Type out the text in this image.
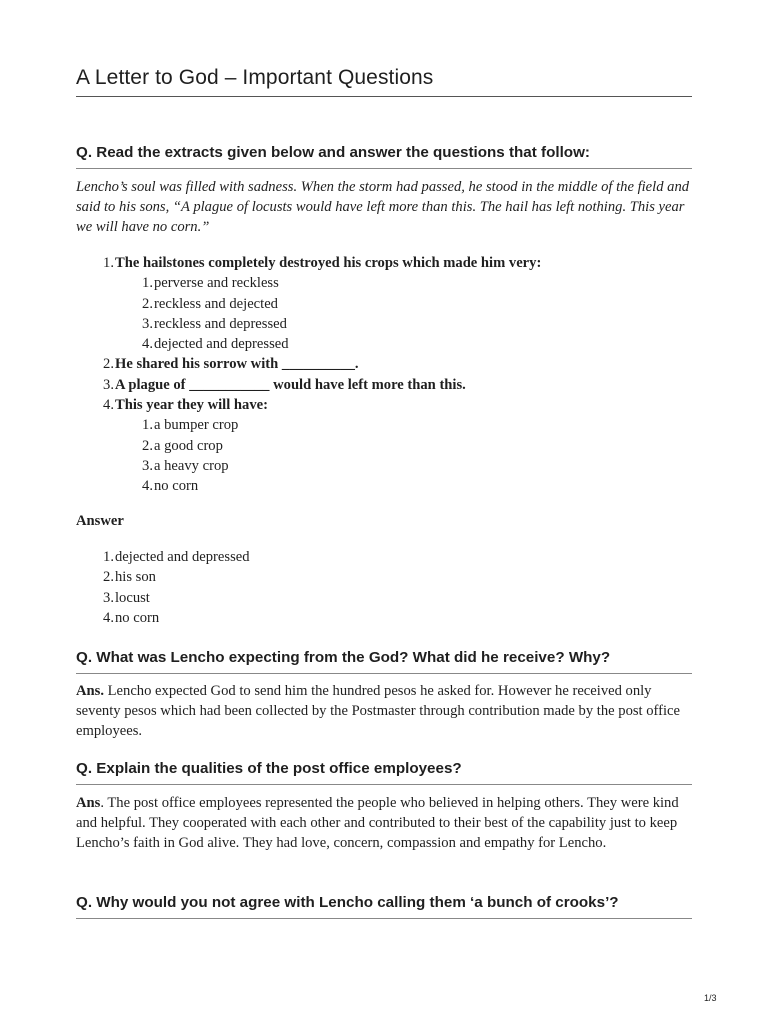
A Letter to God – Important Questions
Q. Read the extracts given below and answer the questions that follow:

Lencho’s soul was filled with sadness. When the storm had passed, he stood in the middle of the field and said to his sons, “A plague of locusts would have left more than this. The hail has left nothing. This year we will have no corn.”

1. The hailstones completely destroyed his crops which made him very:
1. perverse and reckless
2. reckless and dejected
3. reckless and depressed
4. dejected and depressed
2. He shared his sorrow with __________.
3. A plague of ___________ would have left more than this.
4. This year they will have:
1. a bumper crop
2. a good crop
3. a heavy crop
4. no corn
Answer
1. dejected and depressed
2. his son
3. locust
4. no corn
Q. What was Lencho expecting from the God? What did he receive? Why?

Ans. Lencho expected God to send him the hundred pesos he asked for. However he received only seventy pesos which had been collected by the Postmaster through contribution made by the post office employees.

Q. Explain the qualities of the post office employees?

Ans. The post office employees represented the people who believed in helping others. They were kind and helpful. They cooperated with each other and contributed to their best of the capability just to keep Lencho’s faith in God alive. They had love, concern, compassion and empathy for Lencho.

Q. Why would you not agree with Lencho calling them ‘a bunch of crooks’?
1/3
